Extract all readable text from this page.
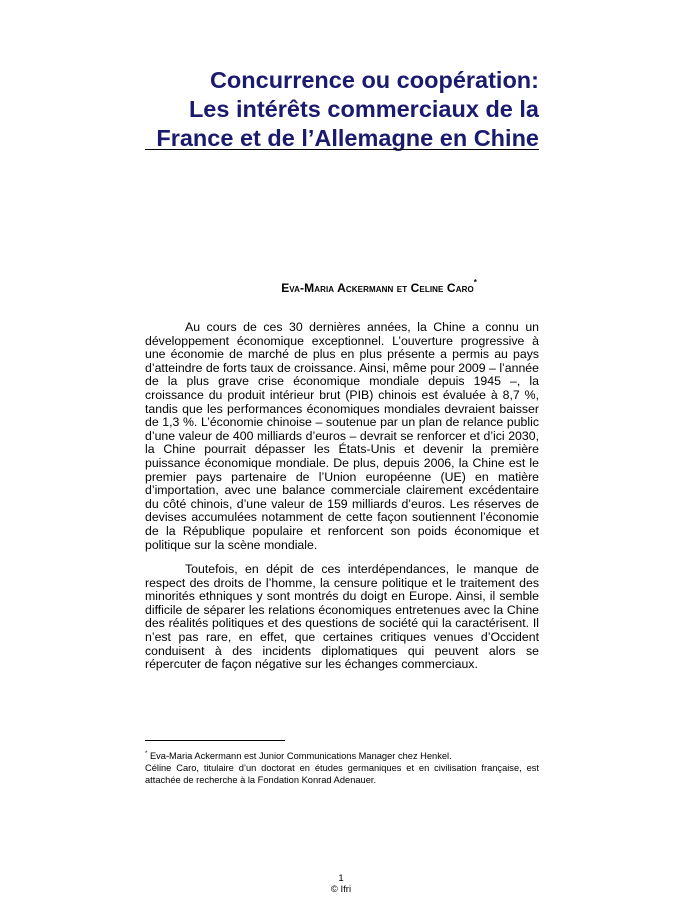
Concurrence ou coopération:
Les intérêts commerciaux de la
France et de l’Allemagne en Chine
Eva-Maria Ackermann et Celine Caro*

Au cours de ces 30 dernières années, la Chine a connu un développement économique exceptionnel. L’ouverture progressive à une économie de marché de plus en plus présente a permis au pays d’atteindre de forts taux de croissance. Ainsi, même pour 2009 – l’année de la plus grave crise économique mondiale depuis 1945 –, la croissance du produit intérieur brut (PIB) chinois est évaluée à 8,7 %, tandis que les performances économiques mondiales devraient baisser de 1,3 %. L’économie chinoise – soutenue par un plan de relance public d’une valeur de 400 milliards d’euros – devrait se renforcer et d’ici 2030, la Chine pourrait dépasser les États-Unis et devenir la première puissance économique mondiale. De plus, depuis 2006, la Chine est le premier pays partenaire de l’Union européenne (UE) en matière d’importation, avec une balance commerciale clairement excédentaire du côté chinois, d’une valeur de 159 milliards d’euros. Les réserves de devises accumulées notamment de cette façon soutiennent l’économie de la République populaire et renforcent son poids économique et politique sur la scène mondiale.

Toutefois, en dépit de ces interdépendances, le manque de respect des droits de l’homme, la censure politique et le traitement des minorités ethniques y sont montrés du doigt en Europe. Ainsi, il semble difficile de séparer les relations économiques entretenues avec la Chine des réalités politiques et des questions de société qui la caractérisent. Il n’est pas rare, en effet, que certaines critiques venues d’Occident conduisent à des incidents diplomatiques qui peuvent alors se répercuter de façon négative sur les échanges commerciaux.

* Eva-Maria Ackermann est Junior Communications Manager chez Henkel.
Céline Caro, titulaire d’un doctorat en études germaniques et en civilisation française, est attachée de recherche à la Fondation Konrad Adenauer.
1
© Ifri
